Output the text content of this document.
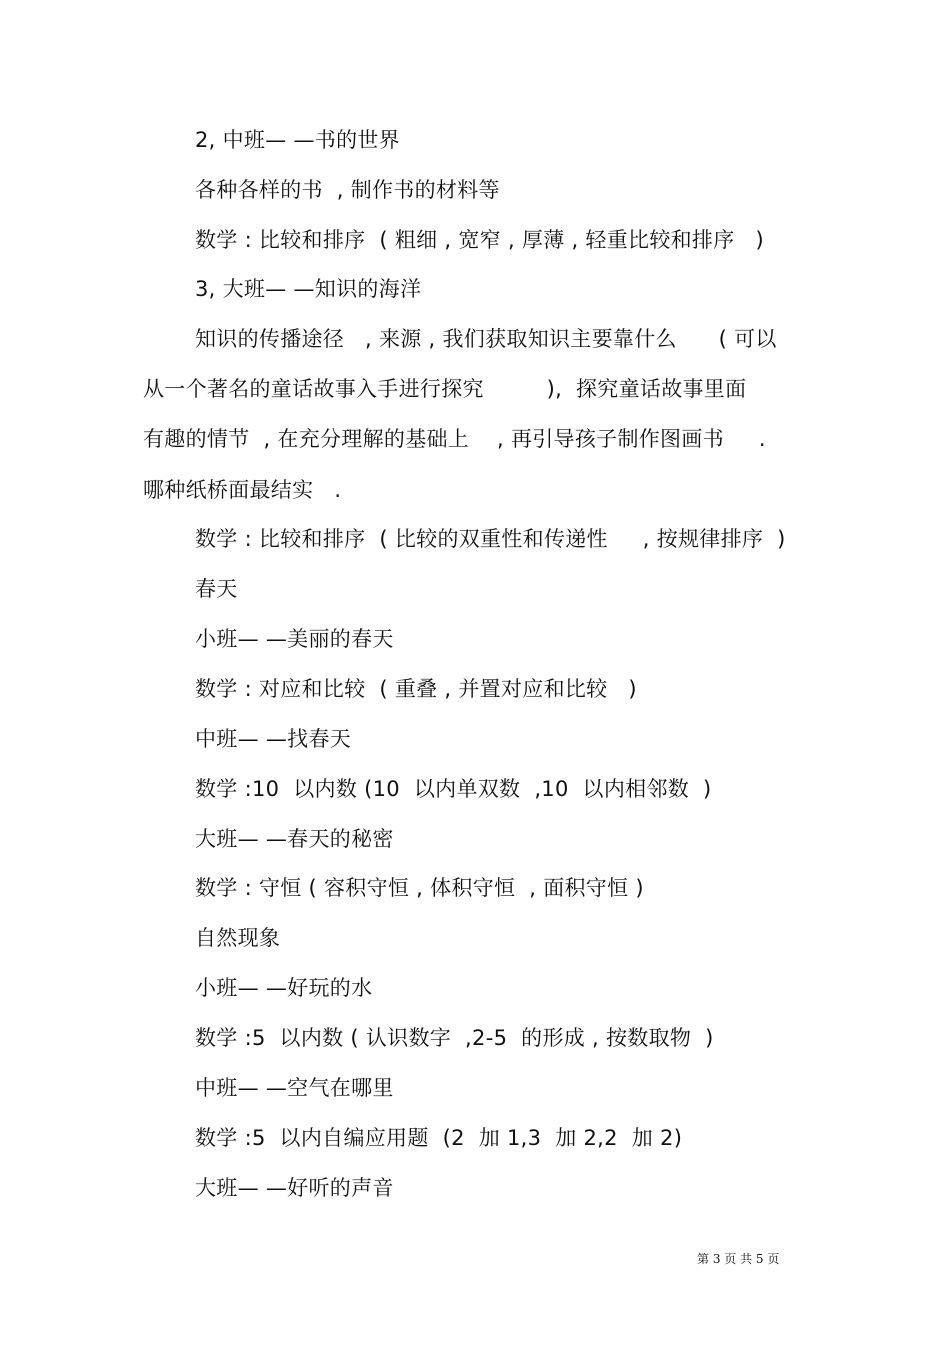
2, 中班— —书的世界
各种各样的书  , 制作书的材料等
数学 : 比较和排序  ( 粗细 , 宽窄 , 厚薄 , 轻重比较和排序   )
3, 大班— —知识的海洋
知识的传播途径   , 来源 , 我们获取知识主要靠什么      ( 可以
从一个著名的童话故事入手进行探究         ),  探究童话故事里面
有趣的情节  , 在充分理解的基础上    , 再引导孩子制作图画书     .
哪种纸桥面最结实   .
数学 : 比较和排序  ( 比较的双重性和传递性     , 按规律排序  )
春天
小班— —美丽的春天
数学 : 对应和比较  ( 重叠 , 并置对应和比较   )
中班— —找春天
数学 :10  以内数 (10  以内单双数  ,10  以内相邻数  )
大班— —春天的秘密
数学 : 守恒 ( 容积守恒 , 体积守恒  , 面积守恒 )
自然现象
小班— —好玩的水
数学 :5  以内数 ( 认识数字  ,2-5  的形成 , 按数取物  )
中班— —空气在哪里
数学 :5  以内自编应用题  (2  加 1,3  加 2,2  加 2)
大班— —好听的声音
第 3 页 共 5 页
